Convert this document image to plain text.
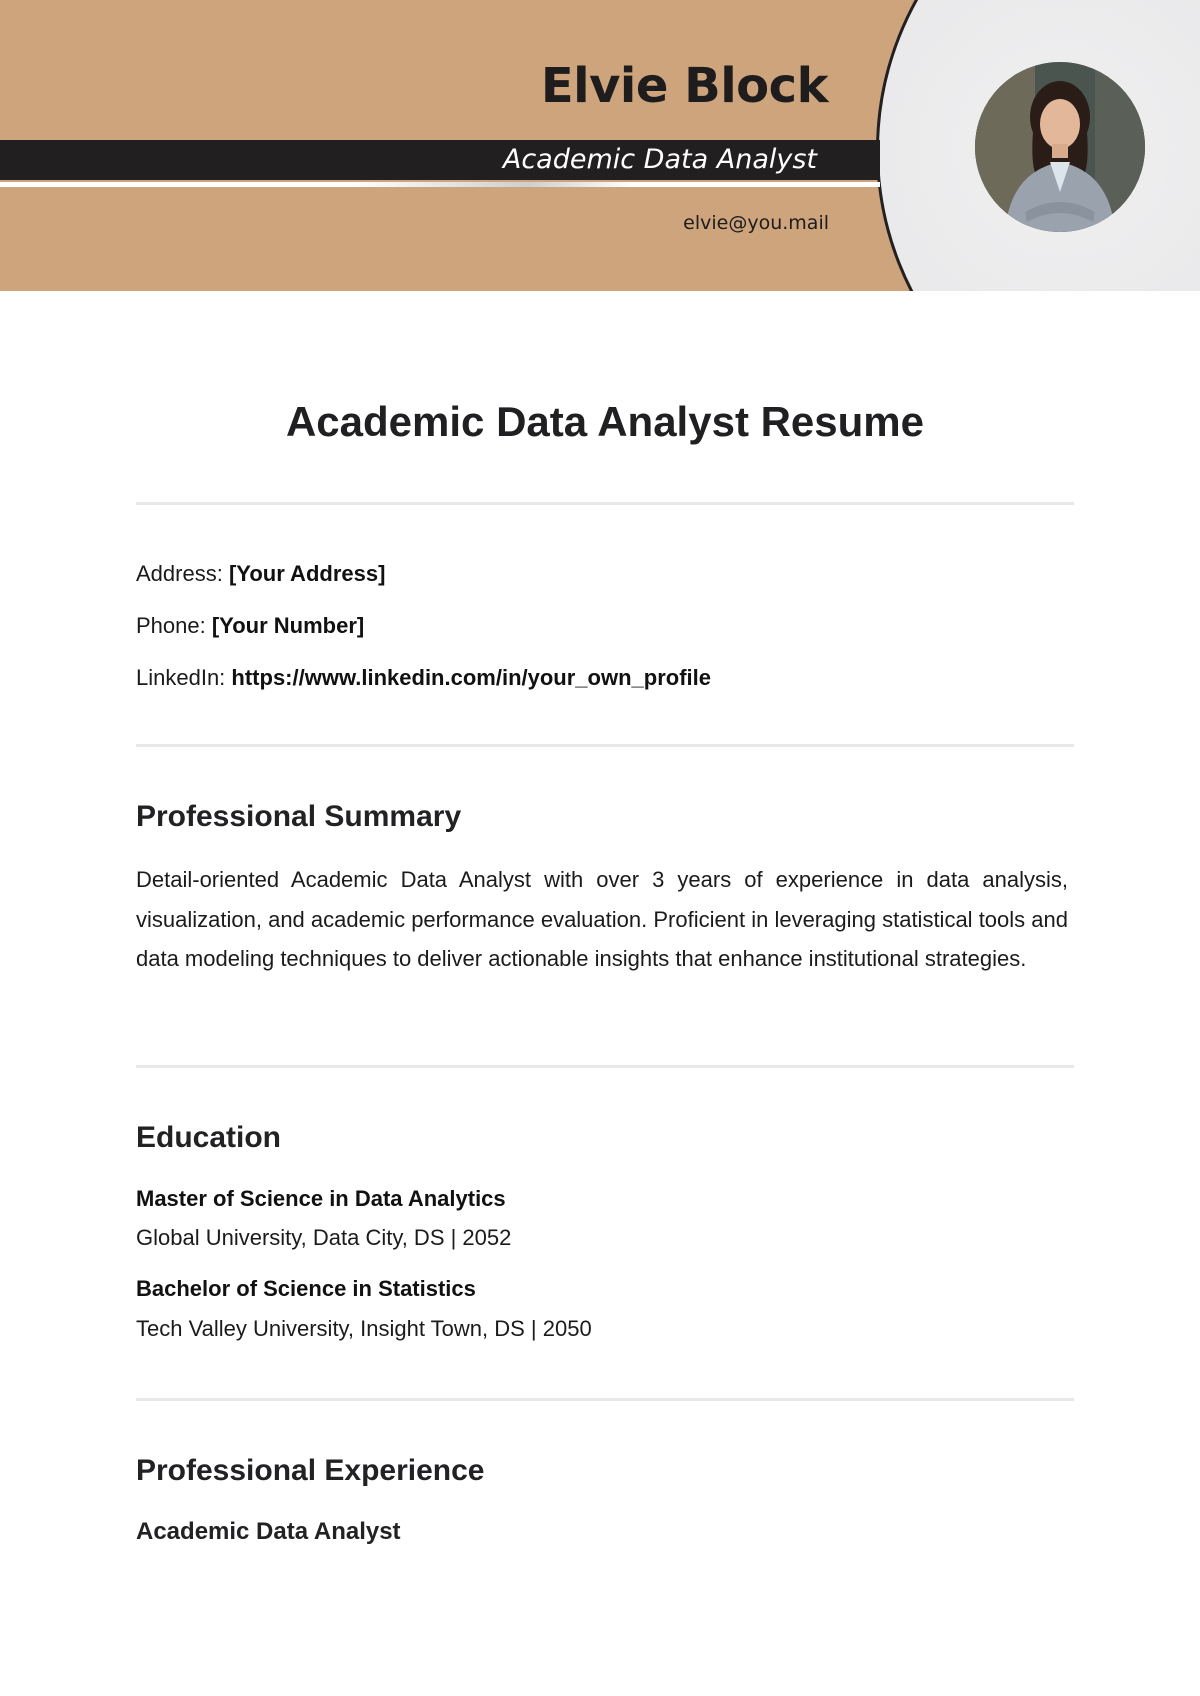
Elvie Block
Academic Data Analyst
elvie@you.mail
Academic Data Analyst Resume
Address: [Your Address]
Phone: [Your Number]
LinkedIn: https://www.linkedin.com/in/your_own_profile
Professional Summary

Detail-oriented Academic Data Analyst with over 3 years of experience in data analysis, visualization, and academic performance evaluation. Proficient in leveraging statistical tools and data modeling techniques to deliver actionable insights that enhance institutional strategies.

Education
Master of Science in Data Analytics
Global University, Data City, DS | 2052
Bachelor of Science in Statistics
Tech Valley University, Insight Town, DS | 2050
Professional Experience
Academic Data Analyst
